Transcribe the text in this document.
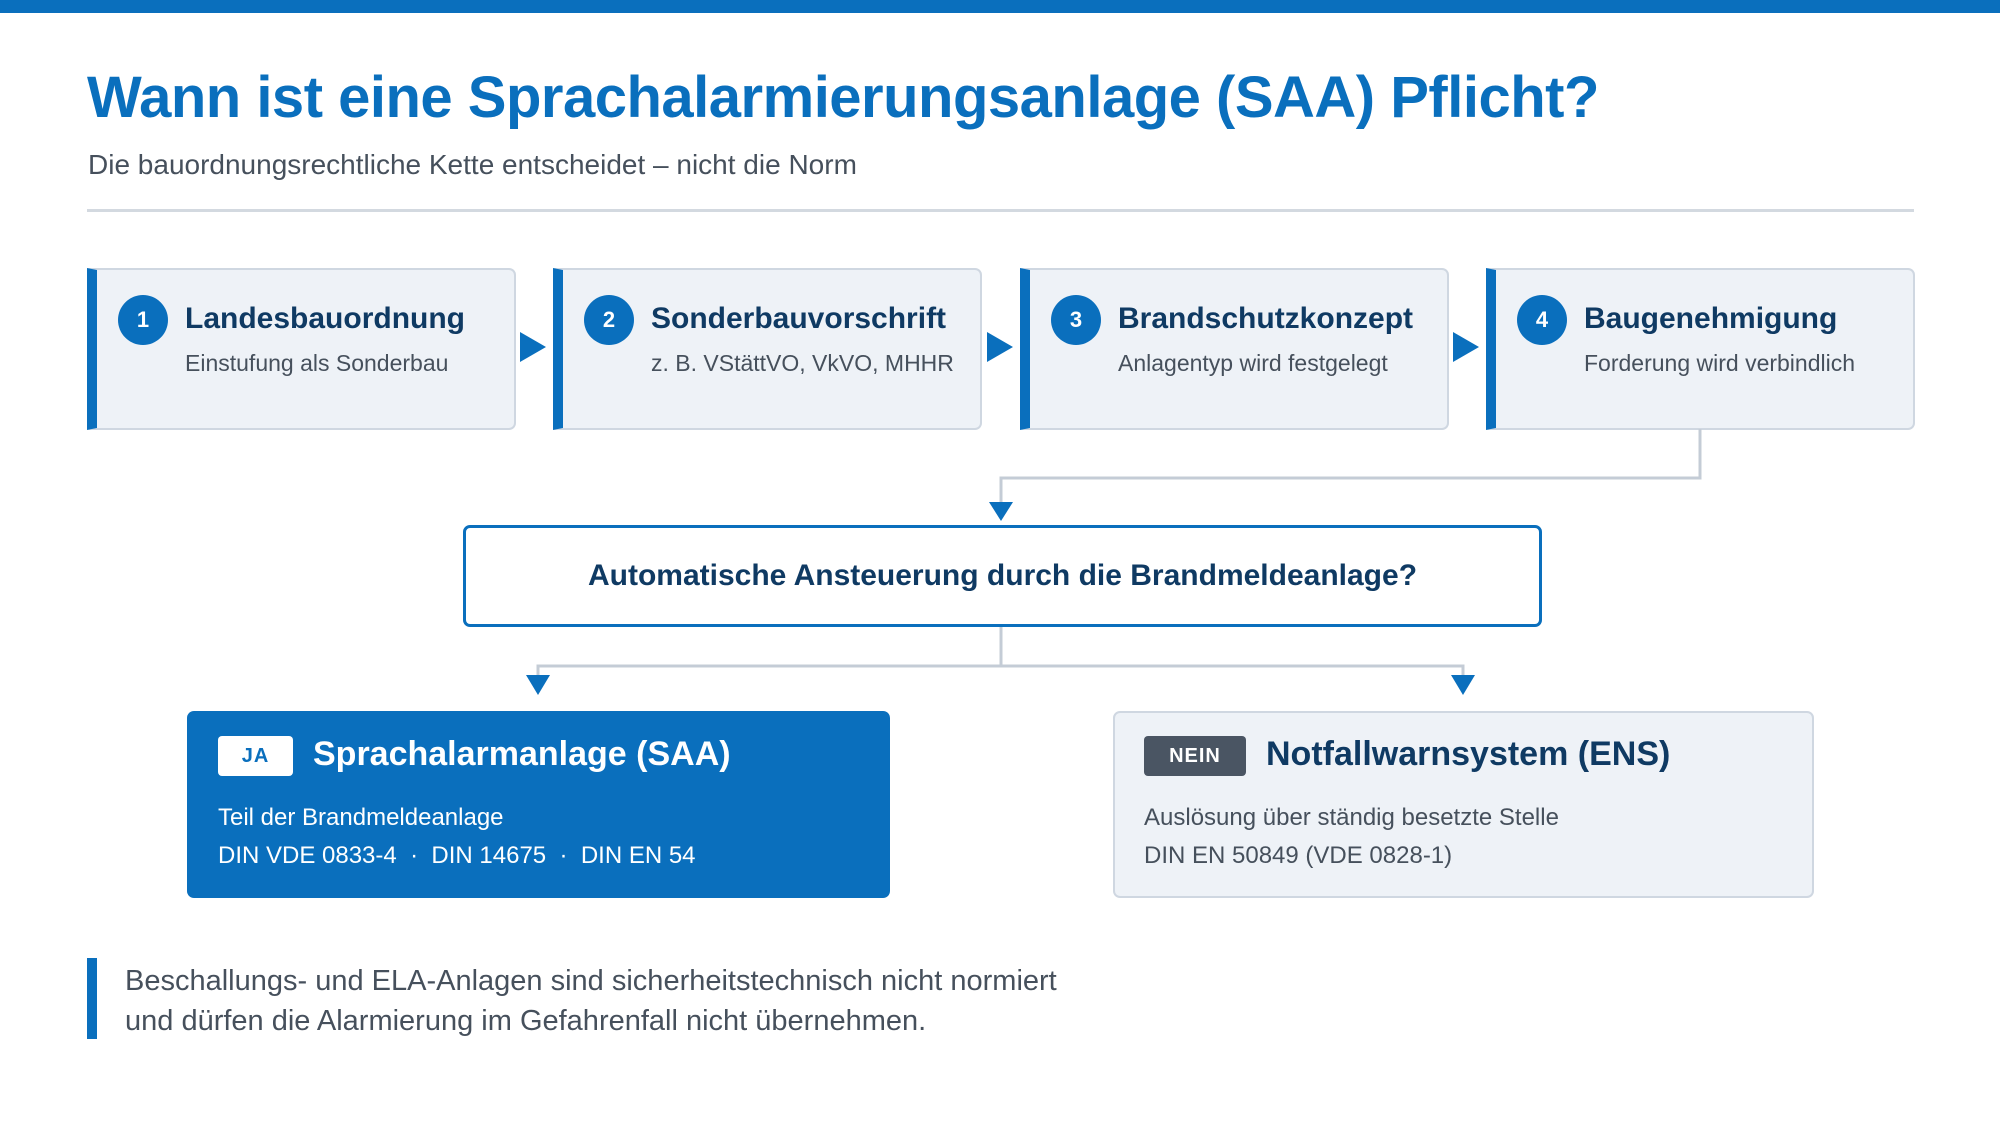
Wann ist eine Sprachalarmierungsanlage (SAA) Pflicht?

Die bauordnungsrechtliche Kette entscheidet – nicht die Norm

1	Landesbauordnung
Einstufung als Sonderbau
2	Sonderbauvorschrift
z. B. VStättVO, VkVO, MHHR
3	Brandschutzkonzept
Anlagentyp wird festgelegt
4	Baugenehmigung
Forderung wird verbindlich
Automatische Ansteuerung durch die Brandmeldeanlage?
JA	Sprachalarmanlage (SAA)
Teil der Brandmeldeanlage
DIN VDE 0833-4  ·  DIN 14675  ·  DIN EN 54
NEIN	Notfallwarnsystem (ENS)
Auslösung über ständig besetzte Stelle
DIN EN 50849 (VDE 0828-1)
Beschallungs- und ELA-Anlagen sind sicherheitstechnisch nicht normiert
und dürfen die Alarmierung im Gefahrenfall nicht übernehmen.
